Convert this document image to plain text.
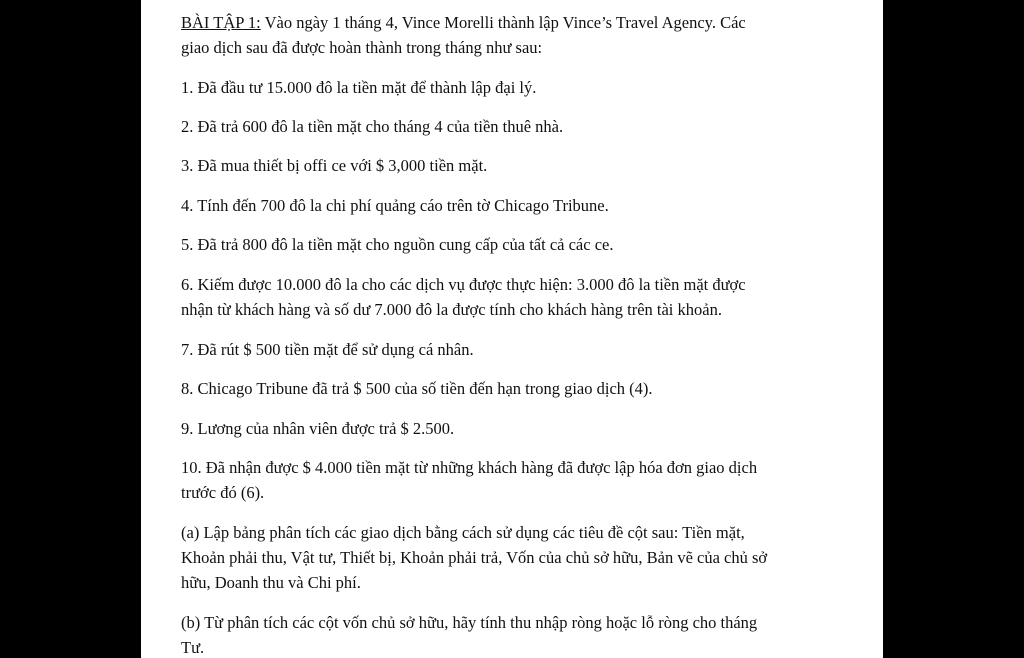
BÀI TẬP 1: Vào ngày 1 tháng 4, Vince Morelli thành lập Vince’s Travel Agency. Các
giao dịch sau đã được hoàn thành trong tháng như sau:
1. Đã đầu tư 15.000 đô la tiền mặt để thành lập đại lý.
2. Đã trả 600 đô la tiền mặt cho tháng 4 của tiền thuê nhà.
3. Đã mua thiết bị offi ce với $ 3,000 tiền mặt.
4. Tính đến 700 đô la chi phí quảng cáo trên tờ Chicago Tribune.
5. Đã trả 800 đô la tiền mặt cho nguồn cung cấp của tất cả các ce.
6. Kiếm được 10.000 đô la cho các dịch vụ được thực hiện: 3.000 đô la tiền mặt được
nhận từ khách hàng và số dư 7.000 đô la được tính cho khách hàng trên tài khoản.
7. Đã rút $ 500 tiền mặt để sử dụng cá nhân.
8. Chicago Tribune đã trả $ 500 của số tiền đến hạn trong giao dịch (4).
9. Lương của nhân viên được trả $ 2.500.
10. Đã nhận được $ 4.000 tiền mặt từ những khách hàng đã được lập hóa đơn giao dịch
trước đó (6).
(a) Lập bảng phân tích các giao dịch bằng cách sử dụng các tiêu đề cột sau: Tiền mặt,
Khoản phải thu, Vật tư, Thiết bị, Khoản phải trả, Vốn của chủ sở hữu, Bản vẽ của chủ sở
hữu, Doanh thu và Chi phí.
(b) Từ phân tích các cột vốn chủ sở hữu, hãy tính thu nhập ròng hoặc lỗ ròng cho tháng
Tư.
